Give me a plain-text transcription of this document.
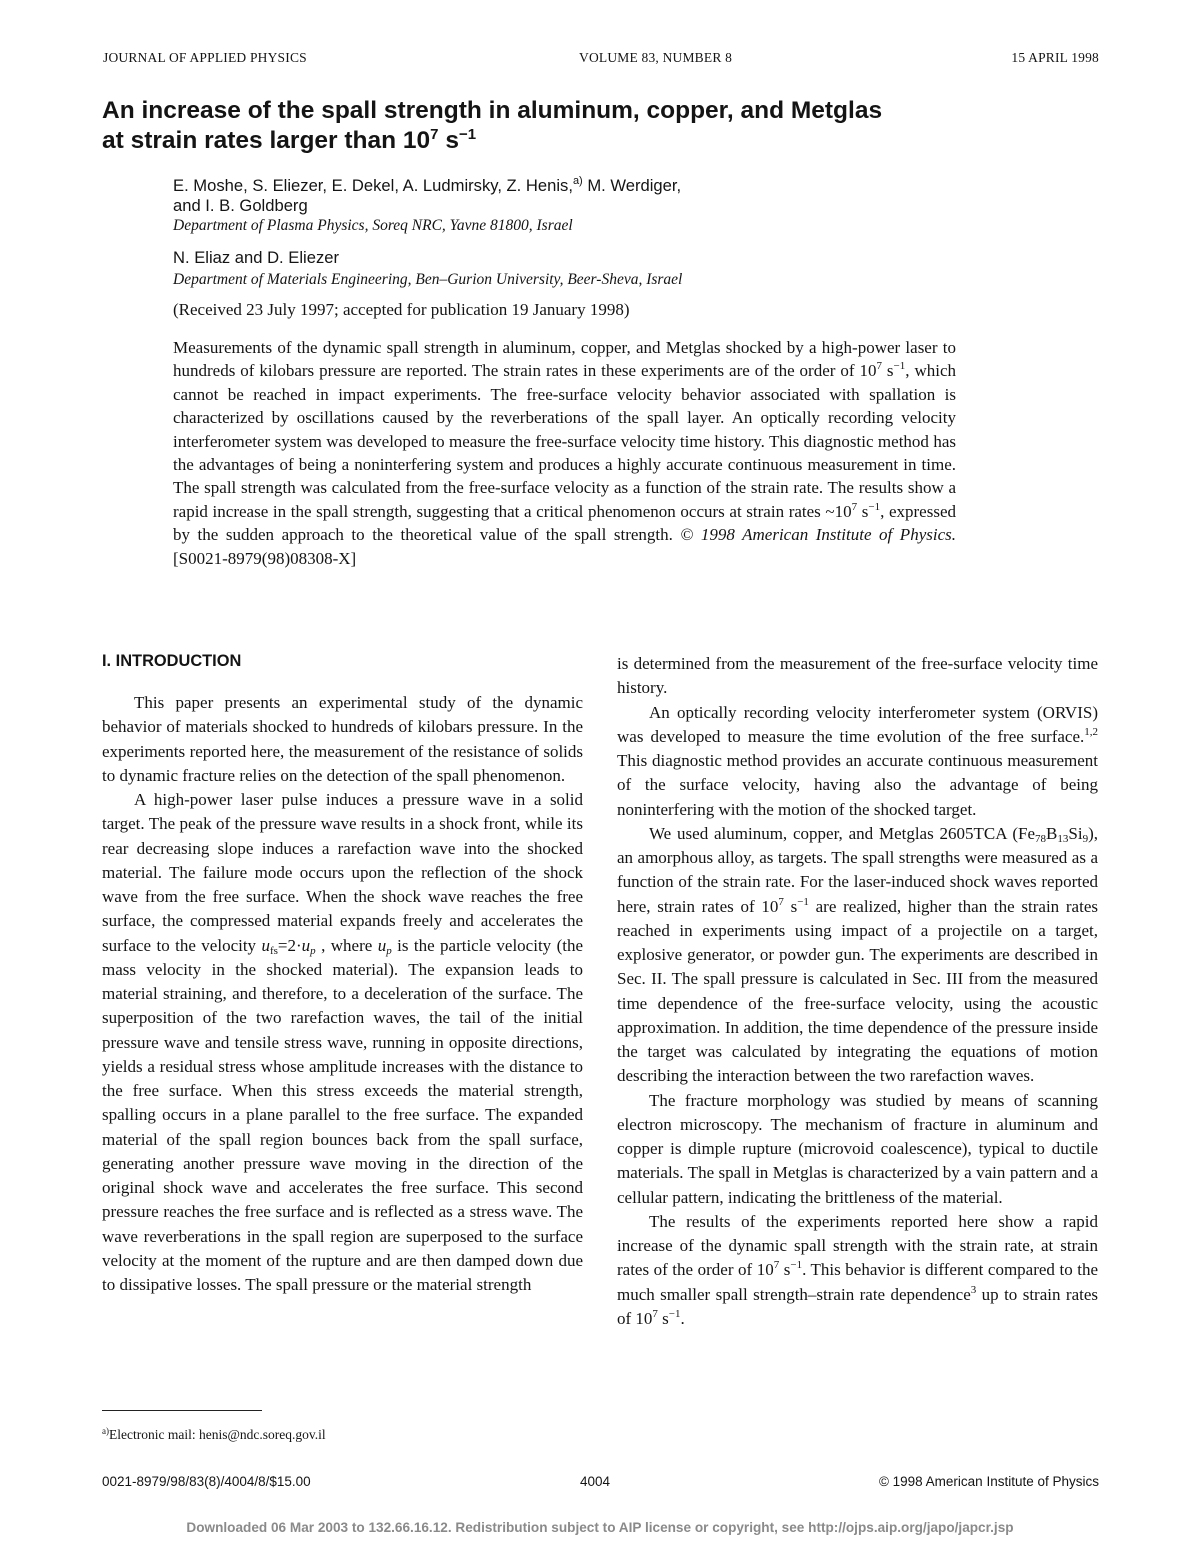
JOURNAL OF APPLIED PHYSICS	VOLUME 83, NUMBER 8	15 APRIL 1998
An increase of the spall strength in aluminum, copper, and Metglas
at strain rates larger than $10^7$ $s^{-1}$
E. Moshe, S. Eliezer, E. Dekel, A. Ludmirsky, Z. Henis,$^{a)}$ M. Werdiger,
and I. B. Goldberg
Department of Plasma Physics, Soreq NRC, Yavne 81800, Israel
N. Eliaz and D. Eliezer
Department of Materials Engineering, Ben–Gurion University, Beer-Sheva, Israel
(Received 23 July 1997; accepted for publication 19 January 1998)

Measurements of the dynamic spall strength in aluminum, copper, and Metglas shocked by a high-power laser to hundreds of kilobars pressure are reported. The strain rates in these experiments are of the order of $10^7$ $s^{-1}$, which cannot be reached in impact experiments. The free-surface velocity behavior associated with spallation is characterized by oscillations caused by the reverberations of the spall layer. An optically recording velocity interferometer system was developed to measure the free-surface velocity time history. This diagnostic method has the advantages of being a noninterfering system and produces a highly accurate continuous measurement in time. The spall strength was calculated from the free-surface velocity as a function of the strain rate. The results show a rapid increase in the spall strength, suggesting that a critical phenomenon occurs at strain rates $\sim 10^7$ $s^{-1}$, expressed by the sudden approach to the theoretical value of the spall strength. © 1998 American Institute of Physics. [S0021-8979(98)08308-X]

I. INTRODUCTION

This paper presents an experimental study of the dynamic behavior of materials shocked to hundreds of kilobars pressure. In the experiments reported here, the measurement of the resistance of solids to dynamic fracture relies on the detection of the spall phenomenon.

A high-power laser pulse induces a pressure wave in a solid target. The peak of the pressure wave results in a shock front, while its rear decreasing slope induces a rarefaction wave into the shocked material. The failure mode occurs upon the reflection of the shock wave from the free surface. When the shock wave reaches the free surface, the compressed material expands freely and accelerates the surface to the velocity $u_{fs}=2\cdot u_p$ , where $u_p$ is the particle velocity (the mass velocity in the shocked material). The expansion leads to material straining, and therefore, to a deceleration of the surface. The superposition of the two rarefaction waves, the tail of the initial pressure wave and tensile stress wave, running in opposite directions, yields a residual stress whose amplitude increases with the distance to the free surface. When this stress exceeds the material strength, spalling occurs in a plane parallel to the free surface. The expanded material of the spall region bounces back from the spall surface, generating another pressure wave moving in the direction of the original shock wave and accelerates the free surface. This second pressure reaches the free surface and is reflected as a stress wave. The wave reverberations in the spall region are superposed to the surface velocity at the moment of the rupture and are then damped down due to dissipative losses. The spall pressure or the material strength

is determined from the measurement of the free-surface velocity time history.

An optically recording velocity interferometer system (ORVIS) was developed to measure the time evolution of the free surface.$^{1,2}$ This diagnostic method provides an accurate continuous measurement of the surface velocity, having also the advantage of being noninterfering with the motion of the shocked target.

We used aluminum, copper, and Metglas 2605TCA $(Fe_{78}B_{13}Si_9)$, an amorphous alloy, as targets. The spall strengths were measured as a function of the strain rate. For the laser-induced shock waves reported here, strain rates of $10^7$ $s^{-1}$ are realized, higher than the strain rates reached in experiments using impact of a projectile on a target, explosive generator, or powder gun. The experiments are described in Sec. II. The spall pressure is calculated in Sec. III from the measured time dependence of the free-surface velocity, using the acoustic approximation. In addition, the time dependence of the pressure inside the target was calculated by integrating the equations of motion describing the interaction between the two rarefaction waves.

The fracture morphology was studied by means of scanning electron microscopy. The mechanism of fracture in aluminum and copper is dimple rupture (microvoid coalescence), typical to ductile materials. The spall in Metglas is characterized by a vain pattern and a cellular pattern, indicating the brittleness of the material.

The results of the experiments reported here show a rapid increase of the dynamic spall strength with the strain rate, at strain rates of the order of $10^7$ $s^{-1}$. This behavior is different compared to the much smaller spall strength–strain rate dependence$^3$ up to strain rates of $10^7$ $s^{-1}$.

$^{a)}$Electronic mail: henis@ndc.soreq.gov.il
0021-8979/98/83(8)/4004/8/$15.00	4004	© 1998 American Institute of Physics
Downloaded 06 Mar 2003 to 132.66.16.12. Redistribution subject to AIP license or copyright, see http://ojps.aip.org/japo/japcr.jsp
